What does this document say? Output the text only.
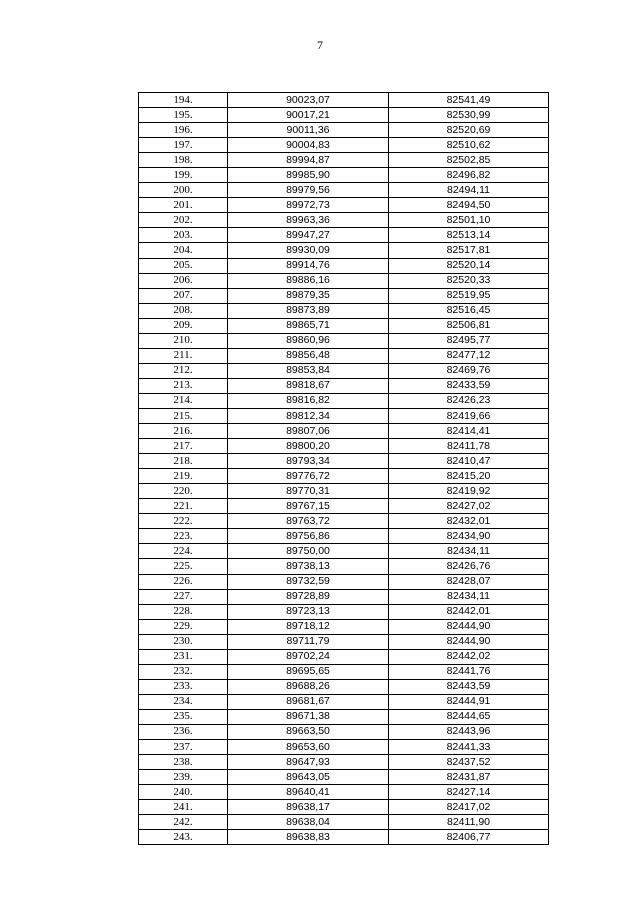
7
194.	90023,07	82541,49
195.	90017,21	82530,99
196.	90011,36	82520,69
197.	90004,83	82510,62
198.	89994,87	82502,85
199.	89985,90	82496,82
200.	89979,56	82494,11
201.	89972,73	82494,50
202.	89963,36	82501,10
203.	89947,27	82513,14
204.	89930,09	82517,81
205.	89914,76	82520,14
206.	89886,16	82520,33
207.	89879,35	82519,95
208.	89873,89	82516,45
209.	89865,71	82506,81
210.	89860,96	82495,77
211.	89856,48	82477,12
212.	89853,84	82469,76
213.	89818,67	82433,59
214.	89816,82	82426,23
215.	89812,34	82419,66
216.	89807,06	82414,41
217.	89800,20	82411,78
218.	89793,34	82410,47
219.	89776,72	82415,20
220.	89770,31	82419,92
221.	89767,15	82427,02
222.	89763,72	82432,01
223.	89756,86	82434,90
224.	89750,00	82434,11
225.	89738,13	82426,76
226.	89732,59	82428,07
227.	89728,89	82434,11
228.	89723,13	82442,01
229.	89718,12	82444,90
230.	89711,79	82444,90
231.	89702,24	82442,02
232.	89695,65	82441,76
233.	89688,26	82443,59
234.	89681,67	82444,91
235.	89671,38	82444,65
236.	89663,50	82443,96
237.	89653,60	82441,33
238.	89647,93	82437,52
239.	89643,05	82431,87
240.	89640,41	82427,14
241.	89638,17	82417,02
242.	89638,04	82411,90
243.	89638,83	82406,77
